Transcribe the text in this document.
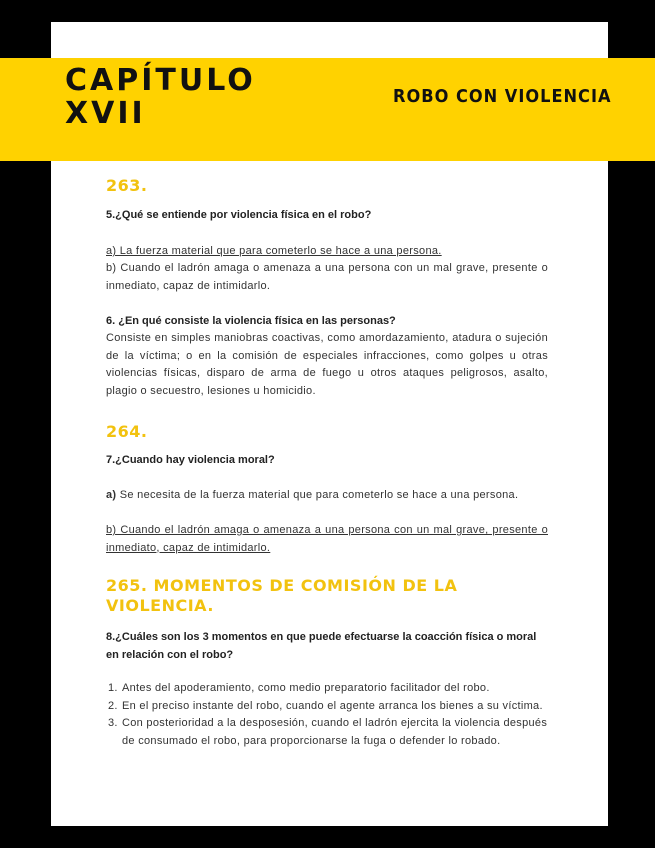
CAPÍTULO
XVII	ROBO CON VIOLENCIA
263.
5.¿Qué se entiende por violencia física en el robo?
a) La fuerza material que para cometerlo se hace a una persona.
b) Cuando el ladrón amaga o amenaza a una persona con un mal grave, presente o inmediato, capaz de intimidarlo.
6. ¿En qué consiste la violencia física en las personas?
Consiste en simples maniobras coactivas, como amordazamiento, atadura o sujeción de la víctima; o en la comisión de especiales infracciones, como golpes u otras violencias físicas, disparo de arma de fuego u otros ataques peligrosos, asalto, plagio o secuestro, lesiones u homicidio.
264.
7.¿Cuando hay violencia moral?
a) Se necesita de la fuerza material que para cometerlo se hace a una persona.
b) Cuando el ladrón amaga o amenaza a una persona con un mal grave, presente o inmediato, capaz de intimidarlo.
265. MOMENTOS DE COMISIÓN DE LA
VIOLENCIA.
8.¿Cuáles son los 3 momentos en que puede efectuarse la coacción física o moral en relación con el robo?
1. Antes del apoderamiento, como medio preparatorio facilitador del robo.
2. En el preciso instante del robo, cuando el agente arranca los bienes a su víctima.
3. Con posterioridad a la desposesión, cuando el ladrón ejercita la violencia después de consumado el robo, para proporcionarse la fuga o defender lo robado.
